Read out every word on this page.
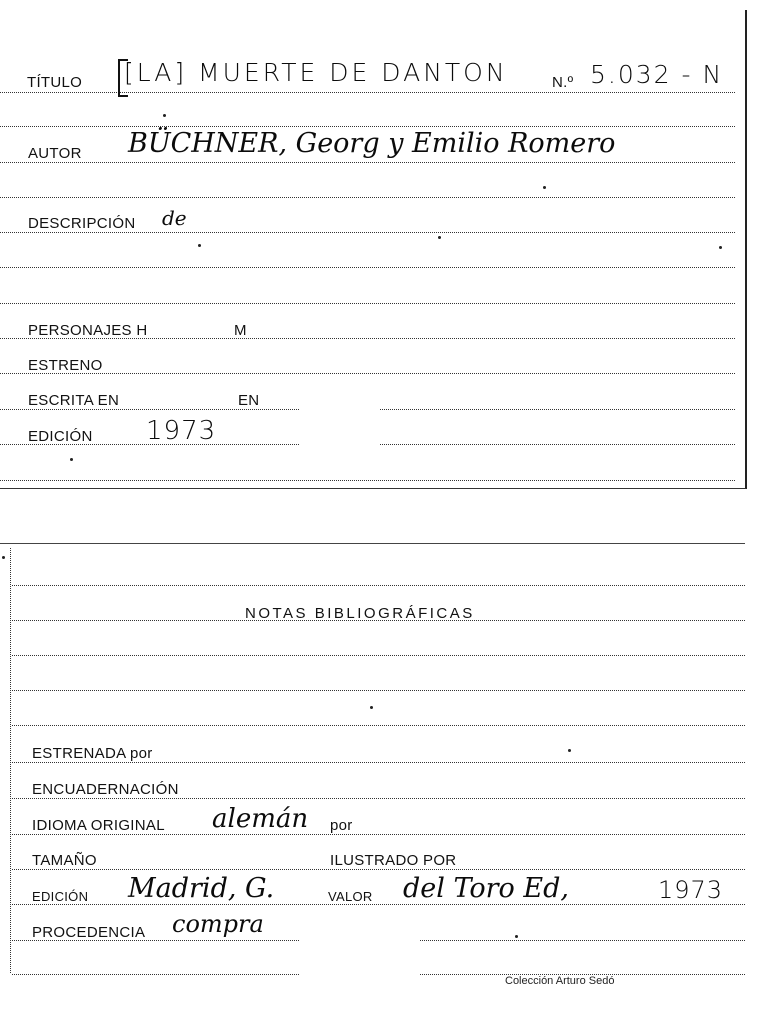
TÍTULO [LA] MUERTE DE DANTON	N.º 5.032 - N
AUTOR BÜCHNER, Georg y Emilio Romero
DESCRIPCIÓN de
PERSONAJES H	M
ESTRENO
ESCRITA EN	EN
EDICIÓN 1973
NOTAS BIBLIOGRÁFICAS
ESTRENADA por
ENCUADERNACIÓN
IDIOMA ORIGINAL alemán por
TAMAÑO	ILUSTRADO POR
EDICIÓN Madrid, G.	VALOR del Toro Ed,	1973
PROCEDENCIA compra
Colección Arturo Sedó
